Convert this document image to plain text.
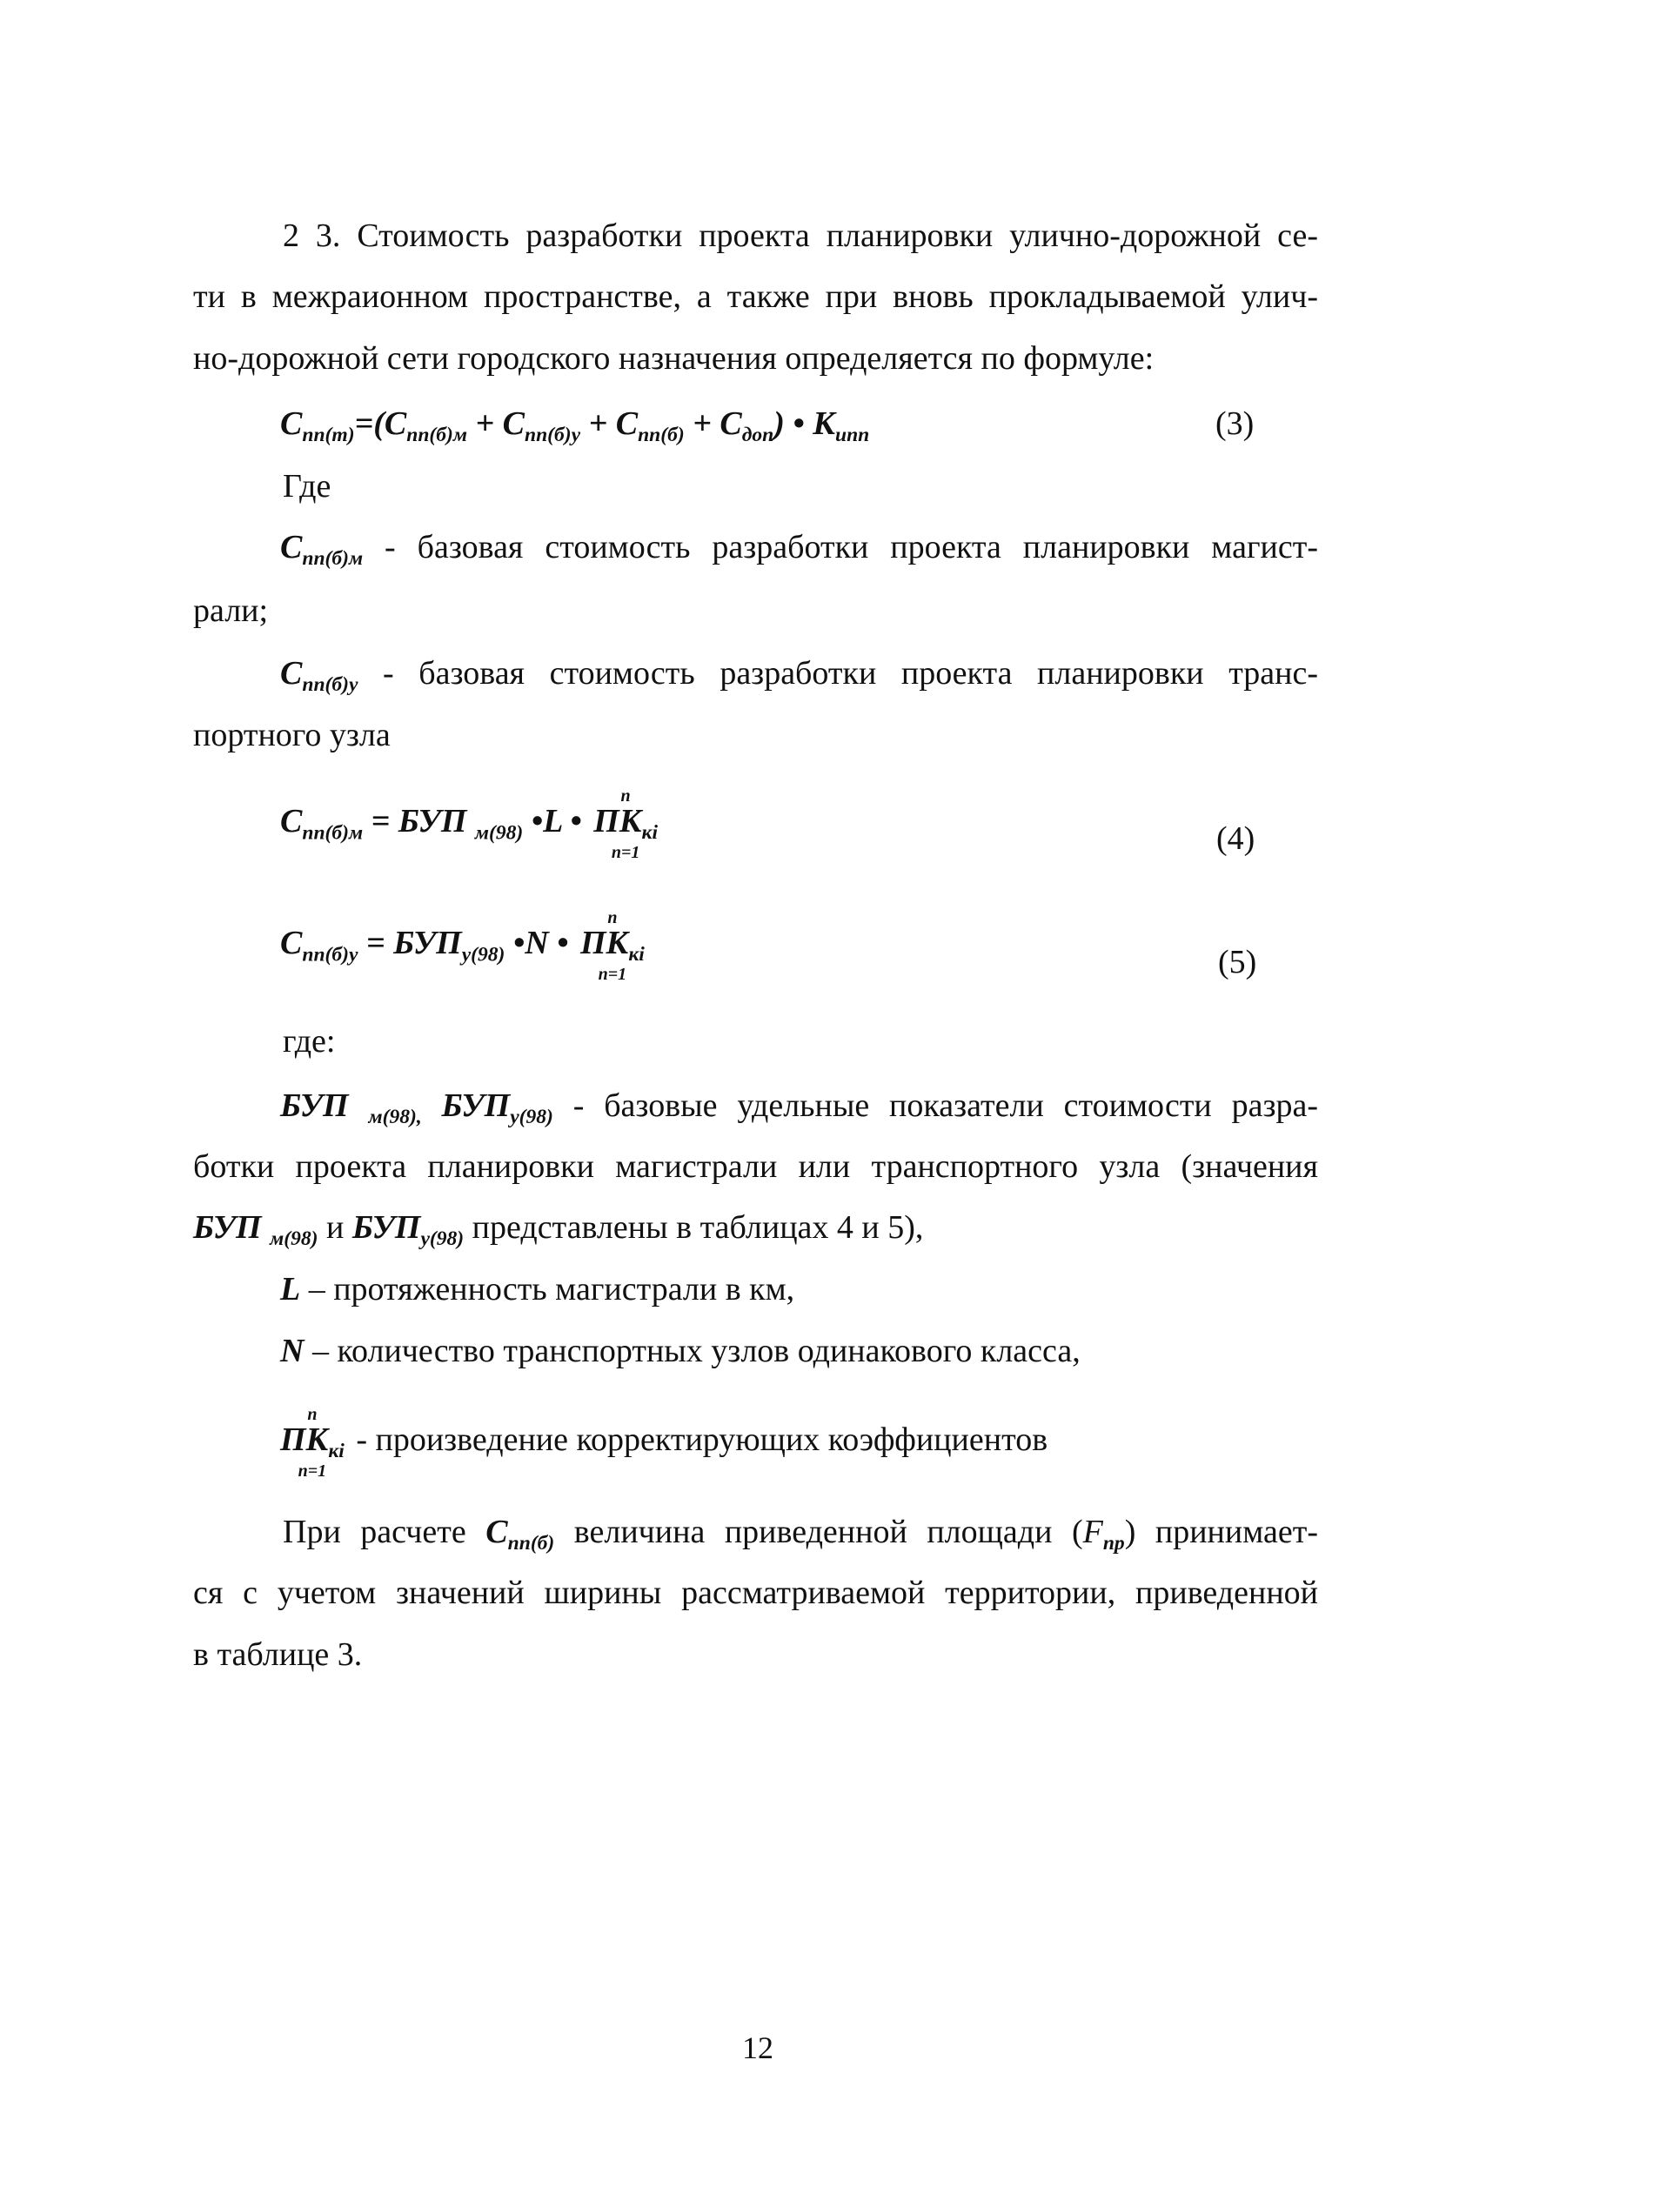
2 3. Стоимость разработки проекта планировки улично-дорожной се-
ти в межраионном пространстве, а также при вновь прокладываемой улич-
но-дорожной сети городского назначения определяется по формуле:
$С_{пп(т)}=(С_{пп(б)м} + С_{пп(б)у} + С_{пп(б)} + С_{доп})$ • $К_{иnn}$	(3)
Где
$С_{пп(б)м}$ - базовая стоимость разработки проекта планировки магист-
рали;
$С_{пп(б)у}$ - базовая стоимость разработки проекта планировки транс-
портного узла
$С_{пп(б)м}$ = БУП $_{м(98)}$ •L •
n
$ПК_{кi}$
n=1	(4)
$С_{пп(б)у} = БУП_{у(98)}$ •N •
n
$ПК_{кi}$
n=1	(5)
где:
БУП $_{м(98),}$ $БУП_{у(98)}$ - базовые удельные показатели стоимости разра-
ботки проекта планировки магистрали или транспортного узла (значения
БУП $_{м(98)}$ и $БУП_{у(98)}$ представлены в таблицах 4 и 5),
L – протяженность магистрали в км,
N – количество транспортных узлов одинакового класса,
n
$ПК_{кi}$
n=1
- произведение корректирующих коэффициентов
При расчете $С_{пп(б)}$ величина приведенной площади $(F_{пр})$ принимает-
ся с учетом значений ширины рассматриваемой территории, приведенной
в таблице 3.
12
